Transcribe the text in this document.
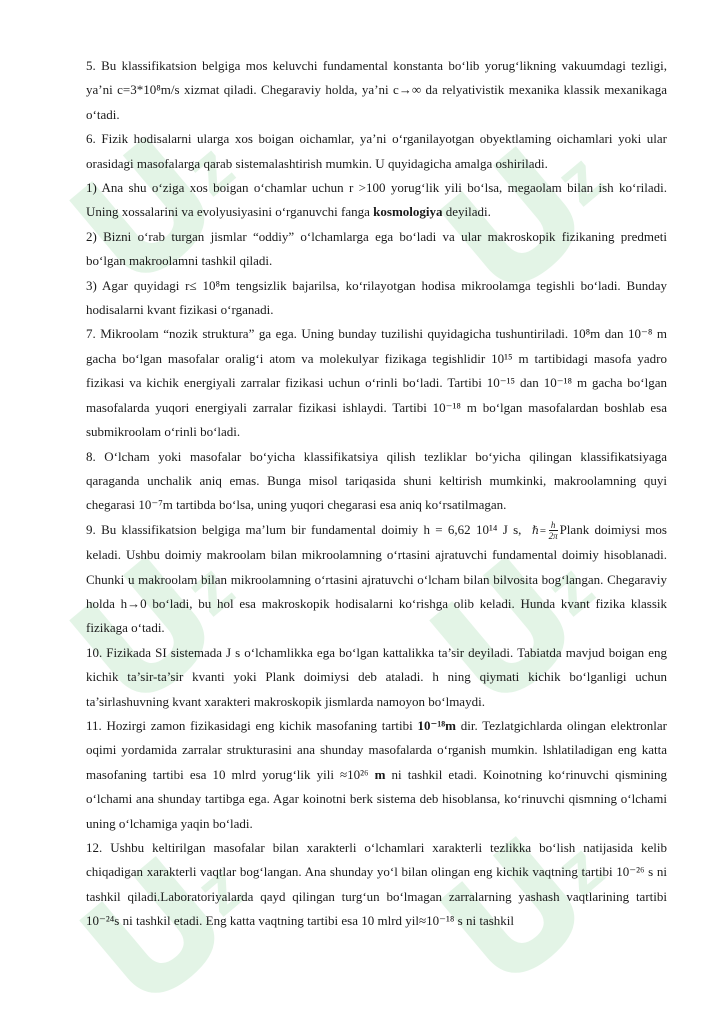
z	z
z	z
z	z

5. Bu klassifikatsion belgiga mos keluvchi fundamental konstanta bo‘lib yorug‘likning vakuumdagi tezligi, ya’ni c=3*10⁸m/s xizmat qiladi. Chegaraviy holda, ya’ni c→∞ da relyativistik mexanika klassik mexanikaga o‘tadi.

6. Fizik hodisalarni ularga xos boigan oichamlar, ya’ni o‘rganilayotgan obyektlaming oichamlari yoki ular orasidagi masofalarga qarab sistemalashtirish mumkin. U quyidagicha amalga oshiriladi.

1) Ana shu o‘ziga xos boigan o‘chamlar uchun r >100 yorug‘lik yili bo‘lsa, megaolam bilan ish ko‘riladi. Uning xossalarini va evolyusiyasini o‘rganuvchi fanga kosmologiya deyiladi.

2) Bizni o‘rab turgan jismlar “oddiy” o‘lchamlarga ega bo‘ladi va ular makroskopik fizikaning predmeti bo‘lgan makroolamni tashkil qiladi.

3) Agar quyidagi r≤ 10⁸m tengsizlik bajarilsa, ko‘rilayotgan hodisa mikroolamga tegishli bo‘ladi. Bunday hodisalarni kvant fizikasi o‘rganadi.

7. Mikroolam “nozik struktura” ga ega. Uning bunday tuzilishi quyidagicha tushuntiriladi. 10⁸m dan 10⁻⁸ m gacha bo‘lgan masofalar oralig‘i atom va molekulyar fizikaga tegishlidir 10¹⁵ m tartibidagi masofa yadro fizikasi va kichik energiyali zarralar fizikasi uchun o‘rinli bo‘ladi. Tartibi 10⁻¹⁵ dan 10⁻¹⁸ m gacha bo‘lgan masofalarda yuqori energiyali zarralar fizikasi ishlaydi. Tartibi 10⁻¹⁸ m bo‘lgan masofalardan boshlab esa submikroolam o‘rinli bo‘ladi.

8. O‘lcham yoki masofalar bo‘yicha klassifikatsiya qilish tezliklar bo‘yicha qilingan klassifikatsiyaga qaraganda unchalik aniq emas. Bunga misol tariqasida shuni keltirish mumkinki, makroolamning quyi chegarasi 10⁻⁷m tartibda bo‘lsa, uning yuqori chegarasi esa aniq ko‘rsatilmagan.

9. Bu klassifikatsion belgiga ma’lum bir fundamental doimiy h = 6,62 10¹⁴ J s, ℏ= $\frac{h}{2\pi}$ Plank doimiysi mos keladi. Ushbu doimiy makroolam bilan mikroolamning o‘rtasini ajratuvchi fundamental doimiy hisoblanadi. Chunki u makroolam bilan mikroolamning o‘rtasini ajratuvchi o‘lcham bilan bilvosita bog‘langan. Chegaraviy holda h→0 bo‘ladi, bu hol esa makroskopik hodisalarni ko‘rishga olib keladi. Hunda kvant fizika klassik fizikaga o‘tadi.

10. Fizikada SI sistemada J s o‘lchamlikka ega bo‘lgan kattalikka ta’sir deyiladi. Tabiatda mavjud boigan eng kichik ta’sir-ta’sir kvanti yoki Plank doimiysi deb ataladi. h ning qiymati kichik bo‘lganligi uchun ta’sirlashuvning kvant xarakteri makroskopik jismlarda namoyon bo‘lmaydi.

11. Hozirgi zamon fizikasidagi eng kichik masofaning tartibi 10⁻¹⁸m dir. Tezlatgichlarda olingan elektronlar oqimi yordamida zarralar strukturasini ana shunday masofalarda o‘rganish mumkin. lshlatiladigan eng katta masofaning tartibi esa 10 mlrd yorug‘lik yili ≈10²⁶ m ni tashkil etadi. Koinotning ko‘rinuvchi qismining o‘lchami ana shunday tartibga ega. Agar koinotni berk sistema deb hisoblansa, ko‘rinuvchi qismning o‘lchami uning o‘lchamiga yaqin bo‘ladi.

12. Ushbu keltirilgan masofalar bilan xarakterli o‘lchamlari xarakterli tezlikka bo‘lish natijasida kelib chiqadigan xarakterli vaqtlar bog‘langan. Ana shunday yo‘l bilan olingan eng kichik vaqtning tartibi 10⁻²⁶ s ni tashkil qiladi.Laboratoriyalarda qayd qilingan turg‘un bo‘lmagan zarralarning yashash vaqtlarining tartibi 10⁻²⁴s ni tashkil etadi. Eng katta vaqtning tartibi esa 10 mlrd yil≈10⁻¹⁸ s ni tashkil
